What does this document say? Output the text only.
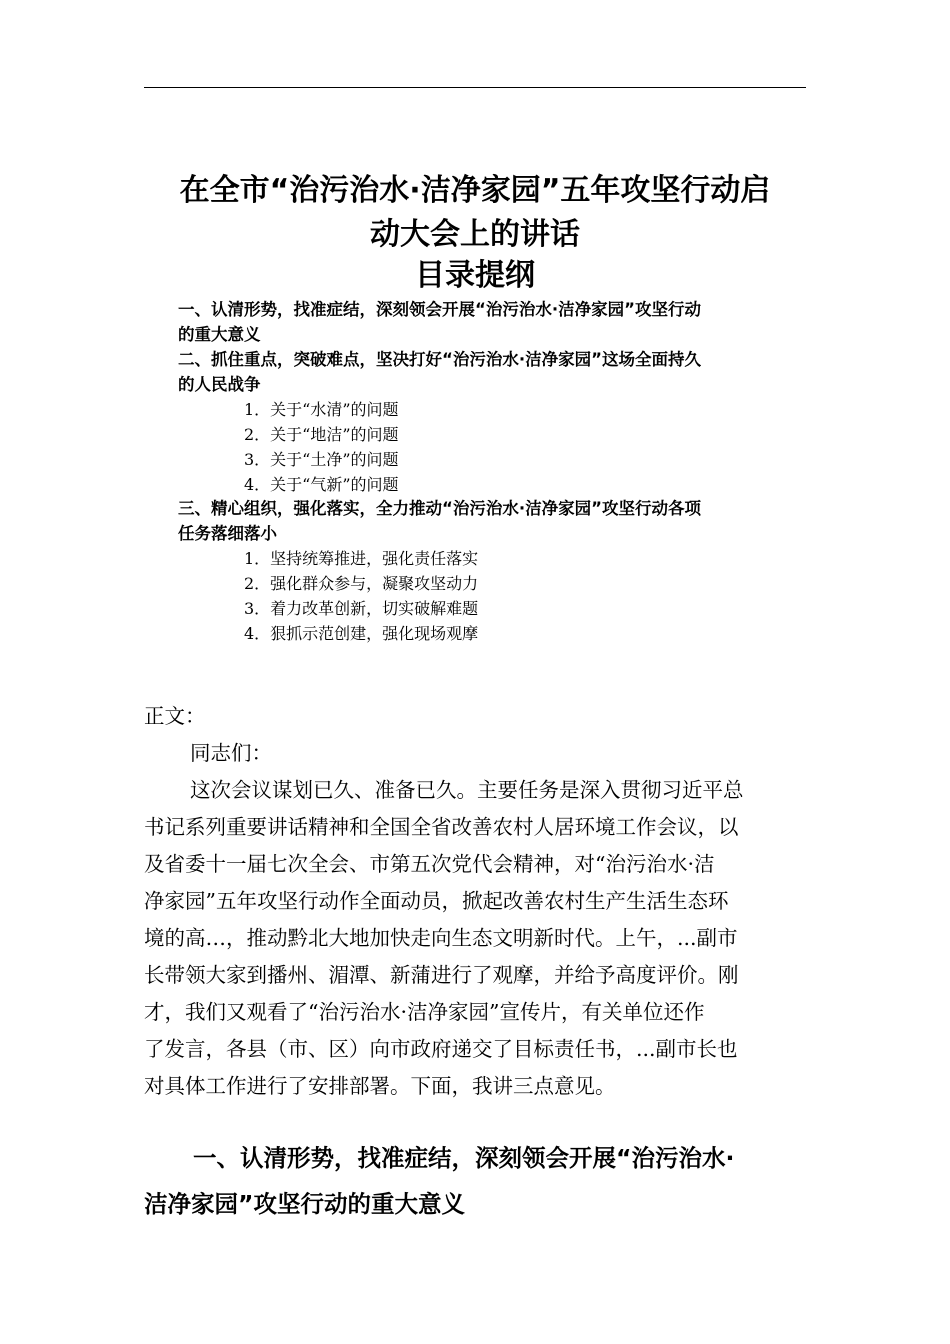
在全市“治污治水·洁净家园”五年攻坚行动启
动大会上的讲话
目录提纲

一、认清形势，找准症结，深刻领会开展“治污治水·洁净家园”攻坚行动

的重大意义

二、抓住重点，突破难点，坚决打好“治污治水·洁净家园”这场全面持久

的人民战争

1．关于“水清”的问题

2．关于“地洁”的问题

3．关于“土净”的问题

4．关于“气新”的问题

三、精心组织，强化落实，全力推动“治污治水·洁净家园”攻坚行动各项

任务落细落小

1．坚持统筹推进，强化责任落实

2．强化群众参与，凝聚攻坚动力

3．着力改革创新，切实破解难题

4．狠抓示范创建，强化现场观摩

正文：

同志们：

这次会议谋划已久、准备已久。主要任务是深入贯彻习近平总

书记系列重要讲话精神和全国全省改善农村人居环境工作会议，以

及省委十一届七次全会、市第五次党代会精神，对“治污治水·洁

净家园”五年攻坚行动作全面动员，掀起改善农村生产生活生态环

境的高…，推动黔北大地加快走向生态文明新时代。上午，...副市

长带领大家到播州、湄潭、新蒲进行了观摩，并给予高度评价。刚

才，我们又观看了“治污治水·洁净家园”宣传片，有关单位还作

了发言，各县（市、区）向市政府递交了目标责任书，...副市长也

对具体工作进行了安排部署。下面，我讲三点意见。

一、认清形势，找准症结，深刻领会开展“治污治水·
洁净家园”攻坚行动的重大意义
